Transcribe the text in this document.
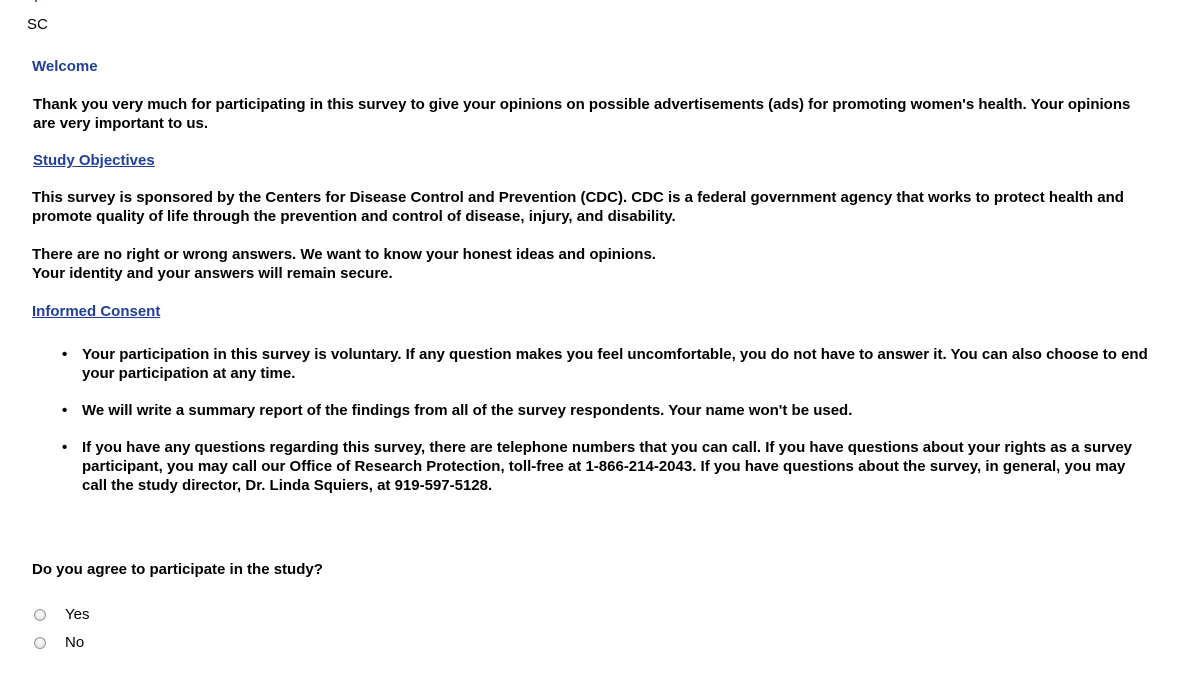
SC
Welcome

Thank you very much for participating in this survey to give your opinions on possible advertisements (ads) for promoting women's health. Your opinions are very important to us.

Study Objectives

This survey is sponsored by the Centers for Disease Control and Prevention (CDC). CDC is a federal government agency that works to protect health and promote quality of life through the prevention and control of disease, injury, and disability.

There are no right or wrong answers. We want to know your honest ideas and opinions.
Your identity and your answers will remain secure.

Informed Consent
• Your participation in this survey is voluntary. If any question makes you feel uncomfortable, you do not have to answer it. You can also choose to end your participation at any time.
• We will write a summary report of the findings from all of the survey respondents. Your name won't be used.
• If you have any questions regarding this survey, there are telephone numbers that you can call. If you have questions about your rights as a survey participant, you may call our Office of Research Protection, toll-free at 1-866-214-2043. If you have questions about the survey, in general, you may call the study director, Dr. Linda Squiers, at 919-597-5128.
Do you agree to participate in the study?
Yes
No
